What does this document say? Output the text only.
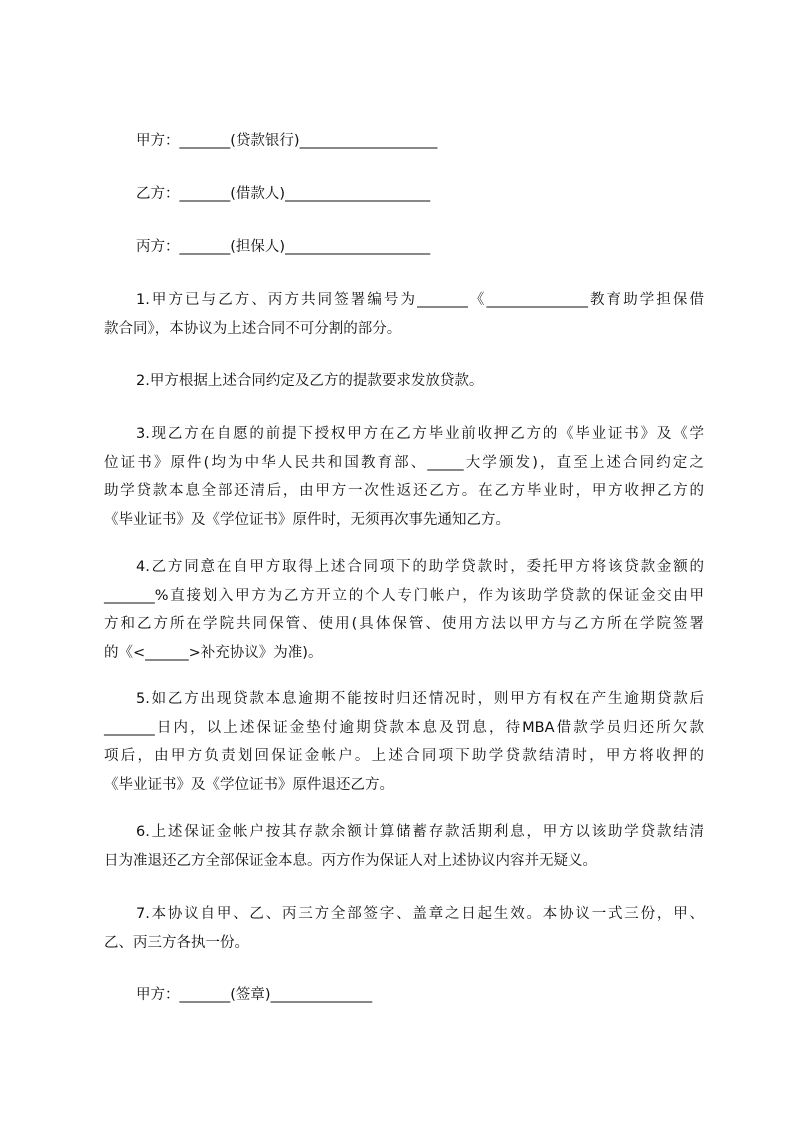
甲方：_______(贷款银行)___________________
乙方：_______(借款人)____________________
丙方：_______(担保人)____________________
1.甲方已与乙方、丙方共同签署编号为_______《______________教育助学担保借
款合同》，本协议为上述合同不可分割的部分。
2.甲方根据上述合同约定及乙方的提款要求发放贷款。
3.现乙方在自愿的前提下授权甲方在乙方毕业前收押乙方的《毕业证书》及《学
位证书》原件(均为中华人民共和国教育部、_____大学颁发)，直至上述合同约定之
助学贷款本息全部还清后，由甲方一次性返还乙方。在乙方毕业时，甲方收押乙方的
《毕业证书》及《学位证书》原件时，无须再次事先通知乙方。
4.乙方同意在自甲方取得上述合同项下的助学贷款时，委托甲方将该贷款金额的
_______%直接划入甲方为乙方开立的个人专门帐户，作为该助学贷款的保证金交由甲
方和乙方所在学院共同保管、使用(具体保管、使用方法以甲方与乙方所在学院签署
的《<______>补充协议》为准)。
5.如乙方出现贷款本息逾期不能按时归还情况时，则甲方有权在产生逾期贷款后
_______日内，以上述保证金垫付逾期贷款本息及罚息，待MBA借款学员归还所欠款
项后，由甲方负责划回保证金帐户。上述合同项下助学贷款结清时，甲方将收押的
《毕业证书》及《学位证书》原件退还乙方。
6.上述保证金帐户按其存款余额计算储蓄存款活期利息，甲方以该助学贷款结清
日为准退还乙方全部保证金本息。丙方作为保证人对上述协议内容并无疑义。
7.本协议自甲、乙、丙三方全部签字、盖章之日起生效。本协议一式三份，甲、
乙、丙三方各执一份。
甲方：_______(签章)______________
